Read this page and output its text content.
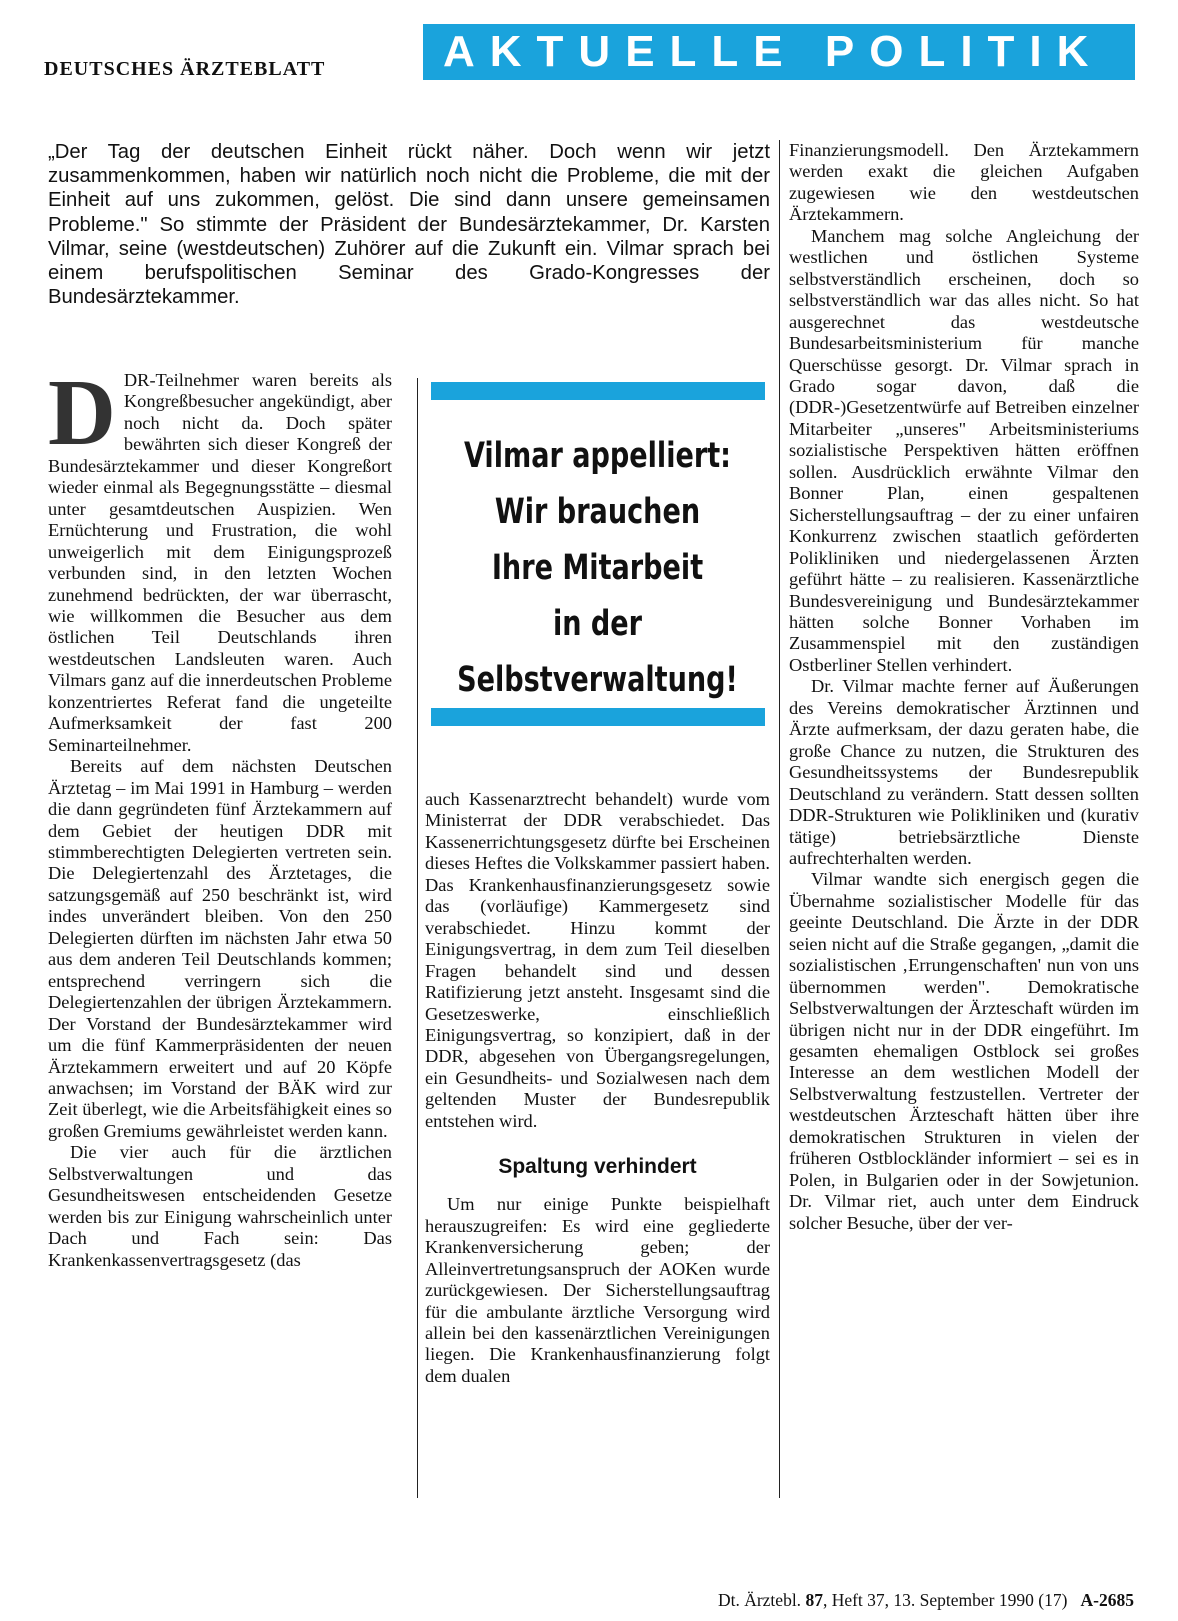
DEUTSCHES ÄRZTEBLATT	AKTUELLE POLITIK
„Der Tag der deutschen Einheit rückt näher. Doch wenn wir jetzt zusammenkommen, haben wir natürlich noch nicht die Probleme, die mit der Einheit auf uns zukommen, gelöst. Die sind dann unsere gemeinsamen Probleme." So stimmte der Präsident der Bundesärztekammer, Dr. Karsten Vilmar, seine (westdeutschen) Zuhörer auf die Zukunft ein. Vilmar sprach bei einem berufspolitischen Seminar des Grado-Kongresses der Bundesärztekammer.
Vilmar appelliert:
Wir brauchen
Ihre Mitarbeit
in der
Selbstverwaltung!
D DR-Teilnehmer waren bereits als Kongreßbesucher angekündigt, aber noch nicht da. Doch später bewährten sich dieser Kongreß der Bundesärztekammer und dieser Kongreßort wieder einmal als Begegnungsstätte – diesmal unter gesamtdeutschen Auspizien. Wen Ernüchterung und Frustration, die wohl unweigerlich mit dem Einigungsprozeß verbunden sind, in den letzten Wochen zunehmend bedrückten, der war überrascht, wie willkommen die Besucher aus dem östlichen Teil Deutschlands ihren westdeutschen Landsleuten waren. Auch Vilmars ganz auf die innerdeutschen Probleme konzentriertes Referat fand die ungeteilte Aufmerksamkeit der fast 200 Seminarteilnehmer.

Bereits auf dem nächsten Deutschen Ärztetag – im Mai 1991 in Hamburg – werden die dann gegründeten fünf Ärztekammern auf dem Gebiet der heutigen DDR mit stimmberechtigten Delegierten vertreten sein. Die Delegiertenzahl des Ärztetages, die satzungsgemäß auf 250 beschränkt ist, wird indes unverändert bleiben. Von den 250 Delegierten dürften im nächsten Jahr etwa 50 aus dem anderen Teil Deutschlands kommen; entsprechend verringern sich die Delegiertenzahlen der übrigen Ärztekammern. Der Vorstand der Bundesärztekammer wird um die fünf Kammerpräsidenten der neuen Ärztekammern erweitert und auf 20 Köpfe anwachsen; im Vorstand der BÄK wird zur Zeit überlegt, wie die Arbeitsfähigkeit eines so großen Gremiums gewährleistet werden kann.

Die vier auch für die ärztlichen Selbstverwaltungen und das Gesundheitswesen entscheidenden Gesetze werden bis zur Einigung wahrscheinlich unter Dach und Fach sein: Das Krankenkassenvertragsgesetz (das

auch Kassenarztrecht behandelt) wurde vom Ministerrat der DDR verabschiedet. Das Kassenerrichtungsgesetz dürfte bei Erscheinen dieses Heftes die Volkskammer passiert haben. Das Krankenhausfinanzierungsgesetz sowie das (vorläufige) Kammergesetz sind verabschiedet. Hinzu kommt der Einigungsvertrag, in dem zum Teil dieselben Fragen behandelt sind und dessen Ratifizierung jetzt ansteht. Insgesamt sind die Gesetzeswerke, einschließlich Einigungsvertrag, so konzipiert, daß in der DDR, abgesehen von Übergangsregelungen, ein Gesundheits- und Sozialwesen nach dem geltenden Muster der Bundesrepublik entstehen wird.

Spaltung verhindert

Um nur einige Punkte beispielhaft herauszugreifen: Es wird eine gegliederte Krankenversicherung geben; der Alleinvertretungsanspruch der AOKen wurde zurückgewiesen. Der Sicherstellungsauftrag für die ambulante ärztliche Versorgung wird allein bei den kassenärztlichen Vereinigungen liegen. Die Krankenhausfinanzierung folgt dem dualen

Finanzierungsmodell. Den Ärztekammern werden exakt die gleichen Aufgaben zugewiesen wie den westdeutschen Ärztekammern.

Manchem mag solche Angleichung der westlichen und östlichen Systeme selbstverständlich erscheinen, doch so selbstverständlich war das alles nicht. So hat ausgerechnet das westdeutsche Bundesarbeitsministerium für manche Querschüsse gesorgt. Dr. Vilmar sprach in Grado sogar davon, daß die (DDR-)Gesetzentwürfe auf Betreiben einzelner Mitarbeiter „unseres" Arbeitsministeriums sozialistische Perspektiven hätten eröffnen sollen. Ausdrücklich erwähnte Vilmar den Bonner Plan, einen gespaltenen Sicherstellungsauftrag – der zu einer unfairen Konkurrenz zwischen staatlich geförderten Polikliniken und niedergelassenen Ärzten geführt hätte – zu realisieren. Kassenärztliche Bundesvereinigung und Bundesärztekammer hätten solche Bonner Vorhaben im Zusammenspiel mit den zuständigen Ostberliner Stellen verhindert.

Dr. Vilmar machte ferner auf Äußerungen des Vereins demokratischer Ärztinnen und Ärzte aufmerksam, der dazu geraten habe, die große Chance zu nutzen, die Strukturen des Gesundheitssystems der Bundesrepublik Deutschland zu verändern. Statt dessen sollten DDR-Strukturen wie Polikliniken und (kurativ tätige) betriebsärztliche Dienste aufrechterhalten werden.

Vilmar wandte sich energisch gegen die Übernahme sozialistischer Modelle für das geeinte Deutschland. Die Ärzte in der DDR seien nicht auf die Straße gegangen, „damit die sozialistischen ‚Errungenschaften' nun von uns übernommen werden". Demokratische Selbstverwaltungen der Ärzteschaft würden im übrigen nicht nur in der DDR eingeführt. Im gesamten ehemaligen Ostblock sei großes Interesse an dem westlichen Modell der Selbstverwaltung festzustellen. Vertreter der westdeutschen Ärzteschaft hätten über ihre demokratischen Strukturen in vielen der früheren Ostblockländer informiert – sei es in Polen, in Bulgarien oder in der Sowjetunion. Dr. Vilmar riet, auch unter dem Eindruck solcher Besuche, über der ver-

Dt. Ärztebl. 87, Heft 37, 13. September 1990 (17) A-2685
